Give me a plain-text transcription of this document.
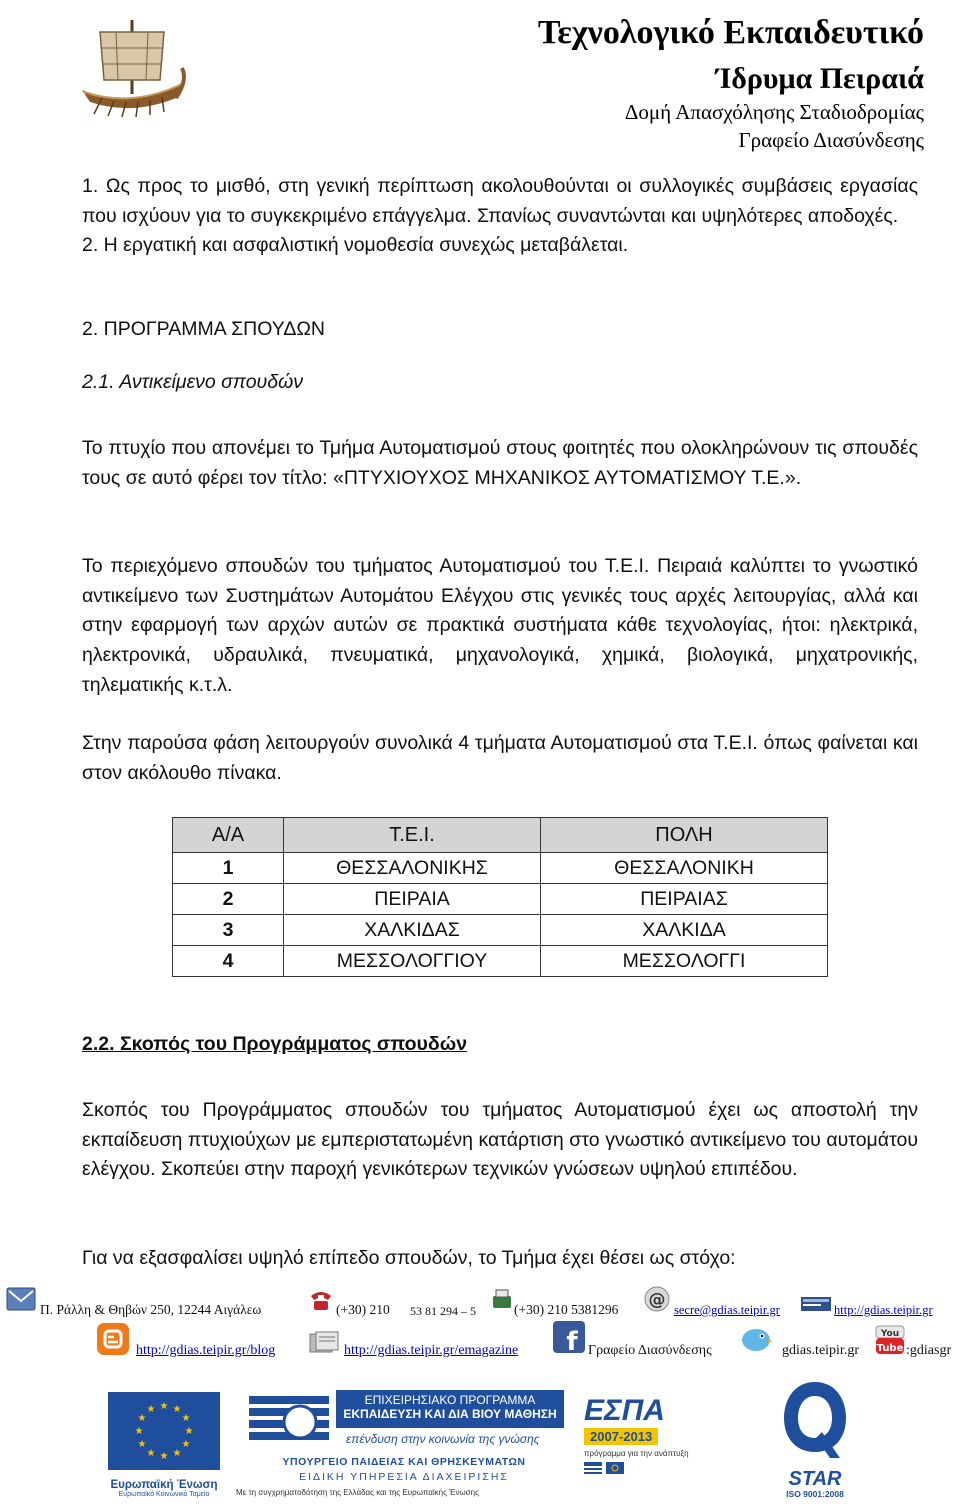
Τεχνολογικό Εκπαιδευτικό
Ίδρυμα Πειραιά
Δομή Απασχόλησης Σταδιοδρομίας
Γραφείο Διασύνδεσης

1. Ως προς το μισθό, στη γενική περίπτωση ακολουθούνται οι συλλογικές συμβάσεις εργασίας που ισχύουν για το συγκεκριμένο επάγγελμα. Σπανίως συναντώνται και υψηλότερες αποδοχές.

2. Η εργατική και ασφαλιστική νομοθεσία συνεχώς μεταβάλεται.

2. ΠΡΟΓΡΑΜΜΑ ΣΠΟΥΔΩΝ
2.1. Αντικείμενο σπουδών
Το πτυχίο που απονέμει το Τμήμα Αυτοματισμού στους φοιτητές που ολοκληρώνουν τις σπουδές τους σε αυτό φέρει τον τίτλο: «ΠΤΥΧΙΟΥΧΟΣ ΜΗΧΑΝΙΚΟΣ ΑΥΤΟΜΑΤΙΣΜΟΥ Τ.Ε.».
Το περιεχόμενο σπουδών του τμήματος Αυτοματισμού του Τ.Ε.Ι. Πειραιά καλύπτει το γνωστικό αντικείμενο των Συστημάτων Αυτομάτου Ελέγχου στις γενικές τους αρχές λειτουργίας, αλλά και στην εφαρμογή των αρχών αυτών σε πρακτικά συστήματα κάθε τεχνολογίας, ήτοι: ηλεκτρικά, ηλεκτρονικά, υδραυλικά, πνευματικά, μηχανολογικά, χημικά, βιολογικά, μηχατρονικής, τηλεματικής κ.τ.λ.
Στην παρούσα φάση λειτουργούν συνολικά 4 τμήματα Αυτοματισμού στα Τ.Ε.Ι. όπως φαίνεται και στον ακόλουθο πίνακα.
Α/Α	Τ.Ε.Ι.	ΠΟΛΗ
1	ΘΕΣΣΑΛΟΝΙΚΗΣ	ΘΕΣΣΑΛΟΝΙΚΗ
2	ΠΕΙΡΑΙΑ	ΠΕΙΡΑΙΑΣ
3	ΧΑΛΚΙΔΑΣ	ΧΑΛΚΙΔΑ
4	ΜΕΣΣΟΛΟΓΓΙΟΥ	ΜΕΣΣΟΛΟΓΓΙ
2.2. Σκοπός του Προγράμματος σπουδών
Σκοπός του Προγράμματος σπουδών του τμήματος Αυτοματισμού έχει ως αποστολή την εκπαίδευση πτυχιούχων με εμπεριστατωμένη κατάρτιση στο γνωστικό αντικείμενο του αυτομάτου ελέγχου. Σκοπεύει στην παροχή γενικότερων τεχνικών γνώσεων υψηλού επιπέδου.
Για να εξασφαλίσει υψηλό επίπεδο σπουδών, το Τμήμα έχει θέσει ως στόχο:
Π. Ράλλη & Θηβών 250, 12244 Αιγάλεω	(+30) 210 53 81 294 – 5	(+30) 210 5381296 @ secre@gdias.teipir.gr	http://gdias.teipir.gr
http://gdias.teipir.gr/blog	http://gdias.teipir.gr/emagazine f Γραφείο Διασύνδεσης	gdias.teipir.gr Tube
You
:gdiasgr
★ ★
★
★
★
★
★
★
★
★
★
★
Ευρωπαϊκή Ένωση
Ευρωπαϊκό Κοινωνικό Ταμείο
ΕΠΙΧΕΙΡΗΣΙΑΚΟ ΠΡΟΓΡΑΜΜΑ
ΕΚΠΑΙΔΕΥΣΗ ΚΑΙ ΔΙΑ ΒΙΟΥ ΜΑΘΗΣΗ
επένδυση στην κοινωνία της γνώσης
ΥΠΟΥΡΓΕΙΟ ΠΑΙΔΕΙΑΣ ΚΑΙ ΘΡΗΣΚΕΥΜΑΤΩΝ
ΕΙΔΙΚΗ ΥΠΗΡΕΣΙΑ ΔΙΑΧΕΙΡΙΣΗΣ
Με τη συγχρηματοδότηση της Ελλάδας και της Ευρωπαϊκής Ένωσης
ΕΣΠΑ
2007-2013
πρόγραμμα για την ανάπτυξη
STAR
ISO 9001:2008
